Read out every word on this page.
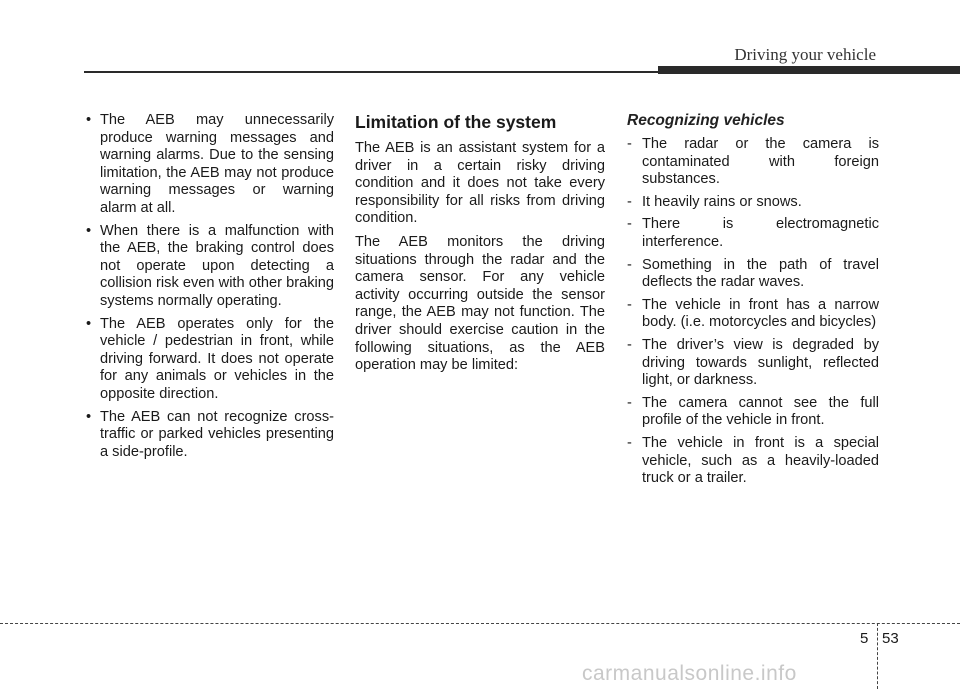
Driving your vehicle
• The AEB may unnecessarily produce warning messages and warning alarms. Due to the sensing limitation, the AEB may not produce warning messages or warning alarm at all.
• When there is a malfunction with the AEB, the braking control does not operate upon detecting a collision risk even with other braking systems normally operating.
• The AEB operates only for the vehicle / pedestrian in front, while driving forward. It does not operate for any animals or vehicles in the opposite direction.
• The AEB can not recognize cross-traffic or parked vehicles presenting a side-profile.
Limitation of the system

The AEB is an assistant system for a driver in a certain risky driving condition and it does not take every responsibility for all risks from driving condition.

The AEB monitors the driving situations through the radar and the camera sensor. For any vehicle activity occurring outside the sensor range, the AEB may not function. The driver should exercise caution in the following situations, as the AEB operation may be limited:

Recognizing vehicles
- The radar or the camera is contaminated with foreign substances.
- It heavily rains or snows.
- There is electromagnetic interference.
- Something in the path of travel deflects the radar waves.
- The vehicle in front has a narrow body. (i.e. motorcycles and bicycles)
- The driver’s view is degraded by driving towards sunlight, reflected light, or darkness.
- The camera cannot see the full profile of the vehicle in front.
- The vehicle in front is a special vehicle, such as a heavily-loaded truck or a trailer.
5 53
carmanualsonline.info
